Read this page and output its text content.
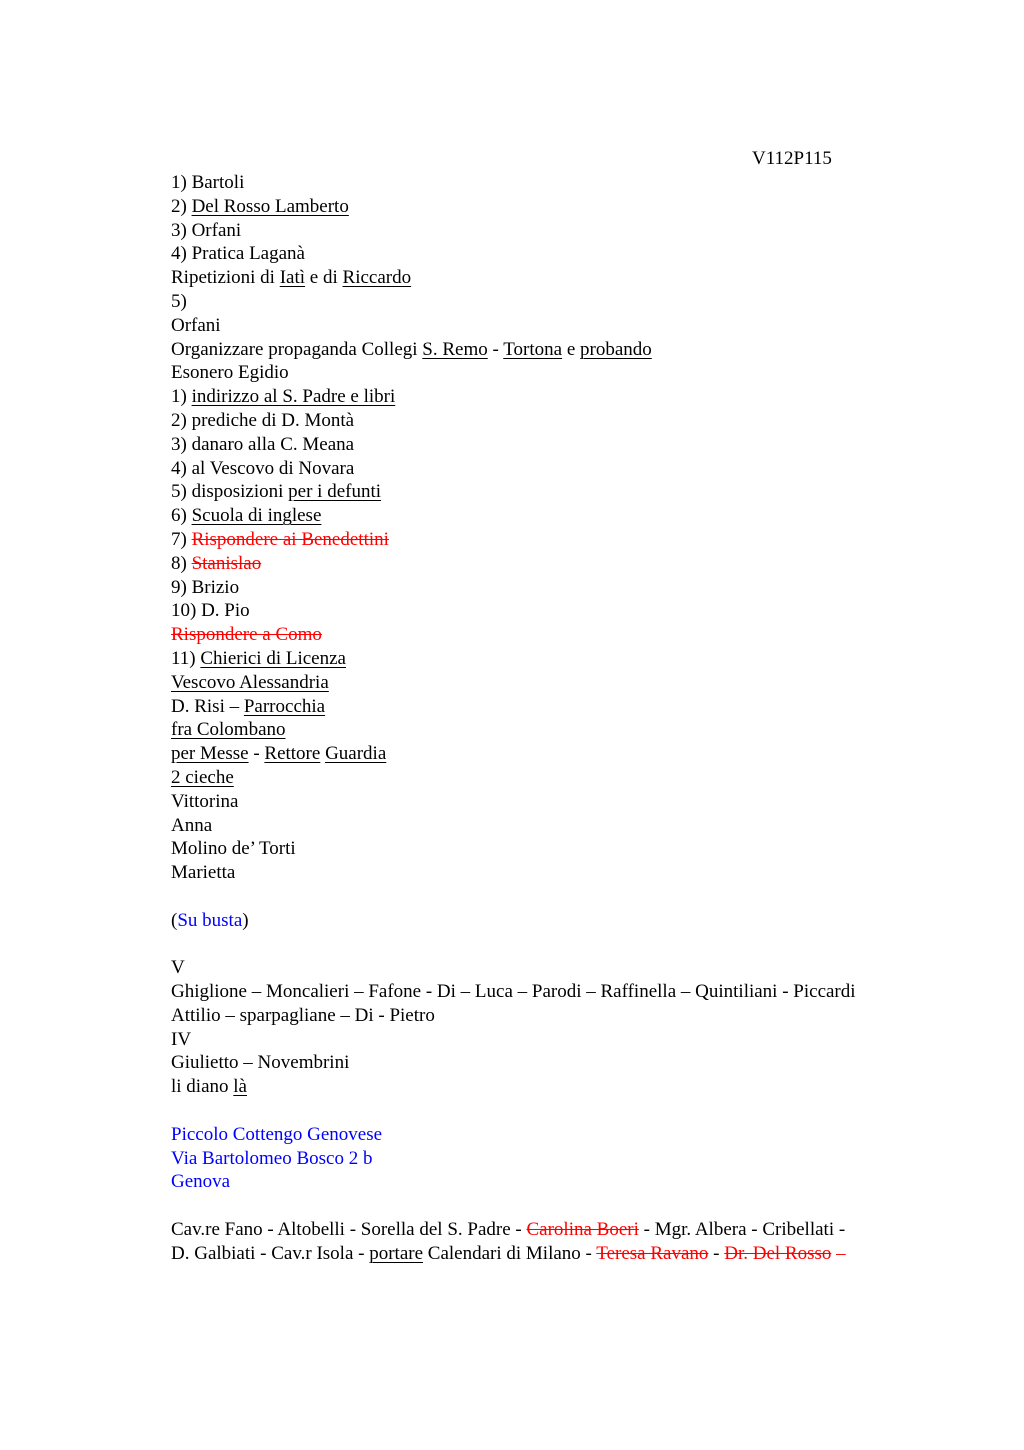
V112P115
1) Bartoli
2) Del Rosso Lamberto
3) Orfani
4) Pratica Laganà
Ripetizioni di Iatì e di Riccardo
5)
Orfani
Organizzare propaganda Collegi S. Remo - Tortona e probando
Esonero Egidio
1) indirizzo al S. Padre e libri
2) prediche di D. Montà
3) danaro alla C. Meana
4) al Vescovo di Novara
5) disposizioni per i defunti
6) Scuola di inglese
7) Rispondere ai Benedettini
8) Stanislao
9) Brizio
10) D. Pio
Rispondere a Como
11) Chierici di Licenza
Vescovo Alessandria
D. Risi – Parrocchia
fra Colombano
per Messe - Rettore Guardia
2 cieche
Vittorina
Anna
Molino de’ Torti
Marietta
(Su busta)
V
Ghiglione – Moncalieri – Fafone - Di – Luca – Parodi – Raffinella – Quintiliani - Piccardi
Attilio – sparpagliane – Di - Pietro
IV
Giulietto – Novembrini
li diano là
Piccolo Cottengo Genovese
Via Bartolomeo Bosco 2 b
Genova
Cav.re Fano - Altobelli - Sorella del S. Padre - Carolina Boeri - Mgr. Albera - Cribellati -
D. Galbiati - Cav.r Isola - portare Calendari di Milano - Teresa Ravano - Dr. Del Rosso –
